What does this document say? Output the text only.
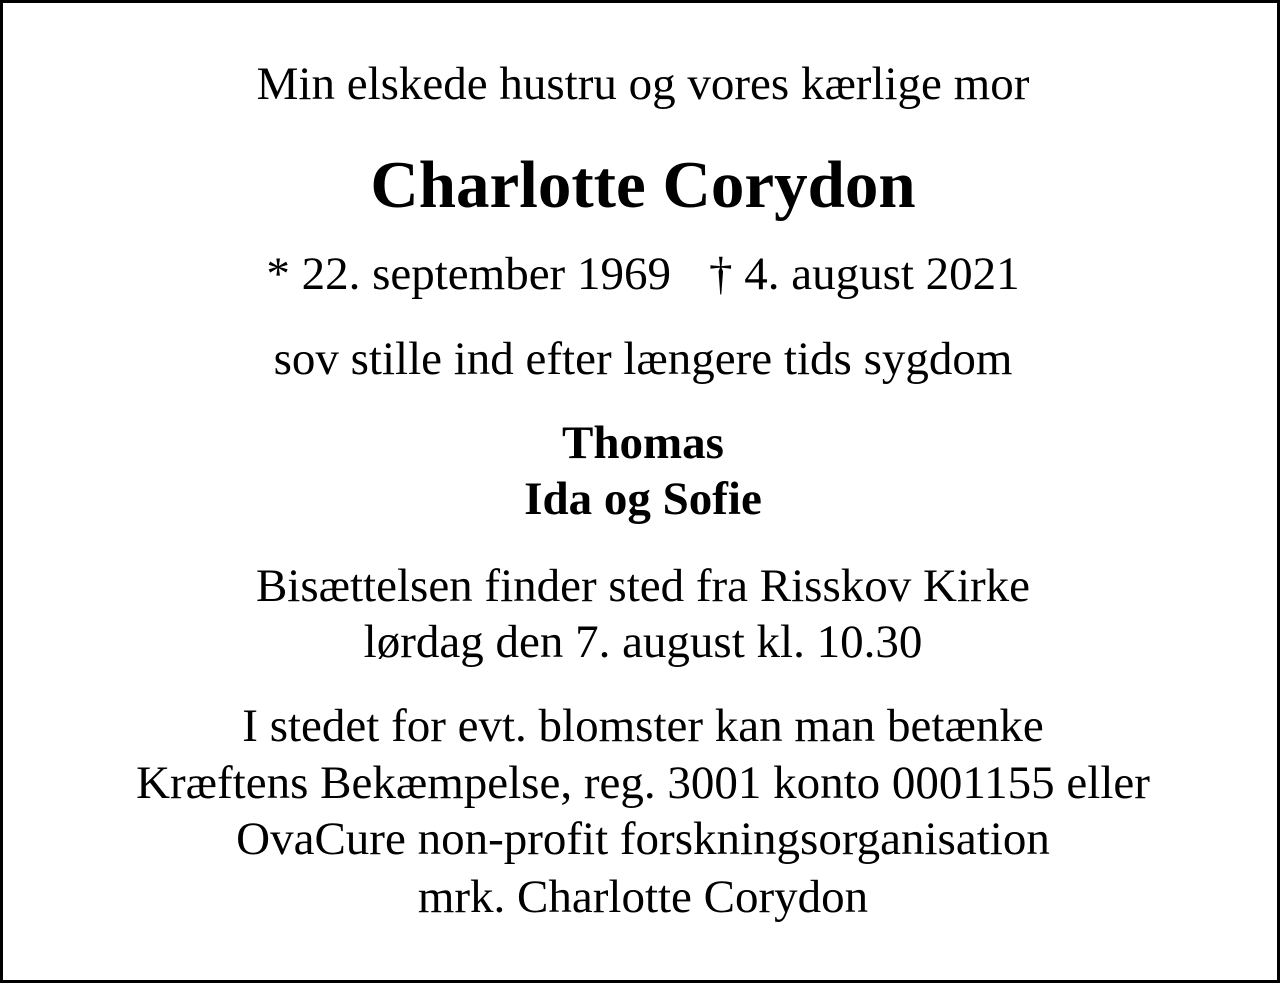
Min elskede hustru og vores kærlige mor
Charlotte Corydon
* 22. september 1969 † 4. august 2021
sov stille ind efter længere tids sygdom
Thomas
Ida og Sofie
Bisættelsen finder sted fra Risskov Kirke
lørdag den 7. august kl. 10.30
I stedet for evt. blomster kan man betænke
Kræftens Bekæmpelse, reg. 3001 konto 0001155 eller
OvaCure non-profit forskningsorganisation
mrk. Charlotte Corydon
